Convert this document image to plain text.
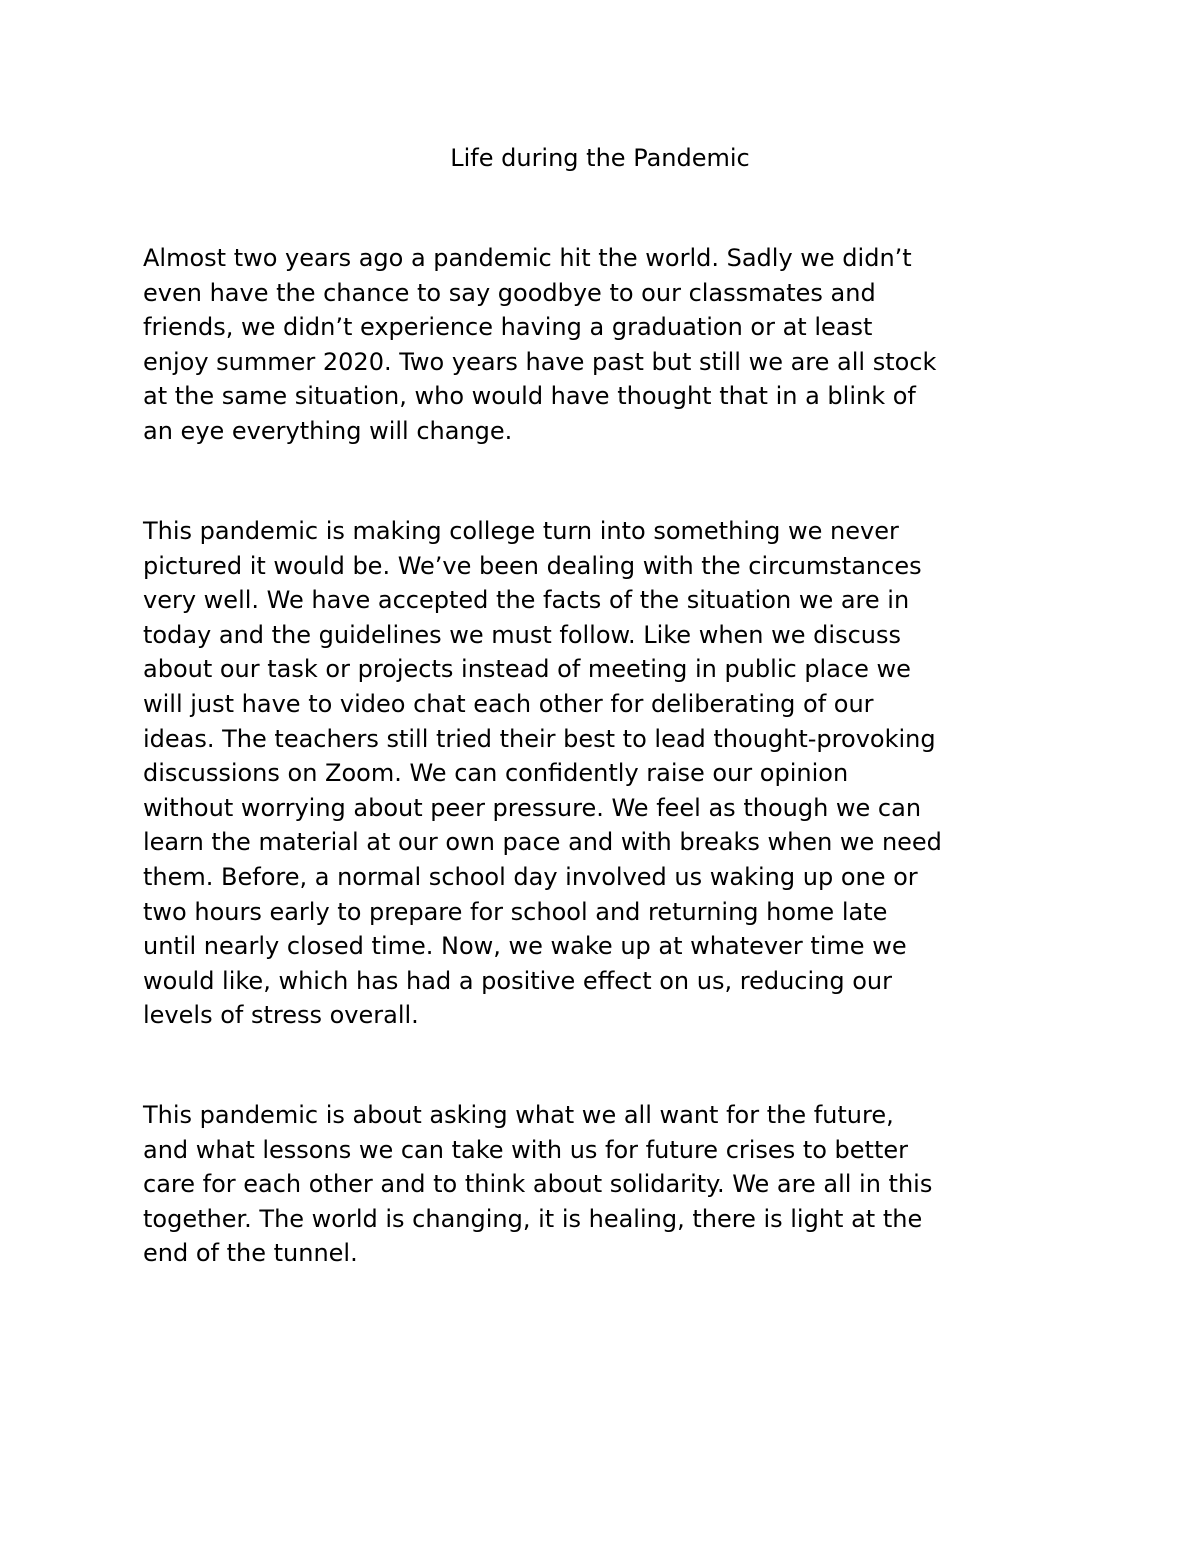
Life during the Pandemic

Almost two years ago a pandemic hit the world. Sadly we didn’t
even have the chance to say goodbye to our classmates and
friends, we didn’t experience having a graduation or at least
enjoy summer 2020. Two years have past but still we are all stock
at the same situation, who would have thought that in a blink of
an eye everything will change.

This pandemic is making college turn into something we never
pictured it would be. We’ve been dealing with the circumstances
very well. We have accepted the facts of the situation we are in
today and the guidelines we must follow. Like when we discuss
about our task or projects instead of meeting in public place we
will just have to video chat each other for deliberating of our
ideas. The teachers still tried their best to lead thought-provoking
discussions on Zoom. We can confidently raise our opinion
without worrying about peer pressure. We feel as though we can
learn the material at our own pace and with breaks when we need
them. Before, a normal school day involved us waking up one or
two hours early to prepare for school and returning home late
until nearly closed time. Now, we wake up at whatever time we
would like, which has had a positive effect on us, reducing our
levels of stress overall.

This pandemic is about asking what we all want for the future,
and what lessons we can take with us for future crises to better
care for each other and to think about solidarity. We are all in this
together. The world is changing, it is healing, there is light at the
end of the tunnel.
